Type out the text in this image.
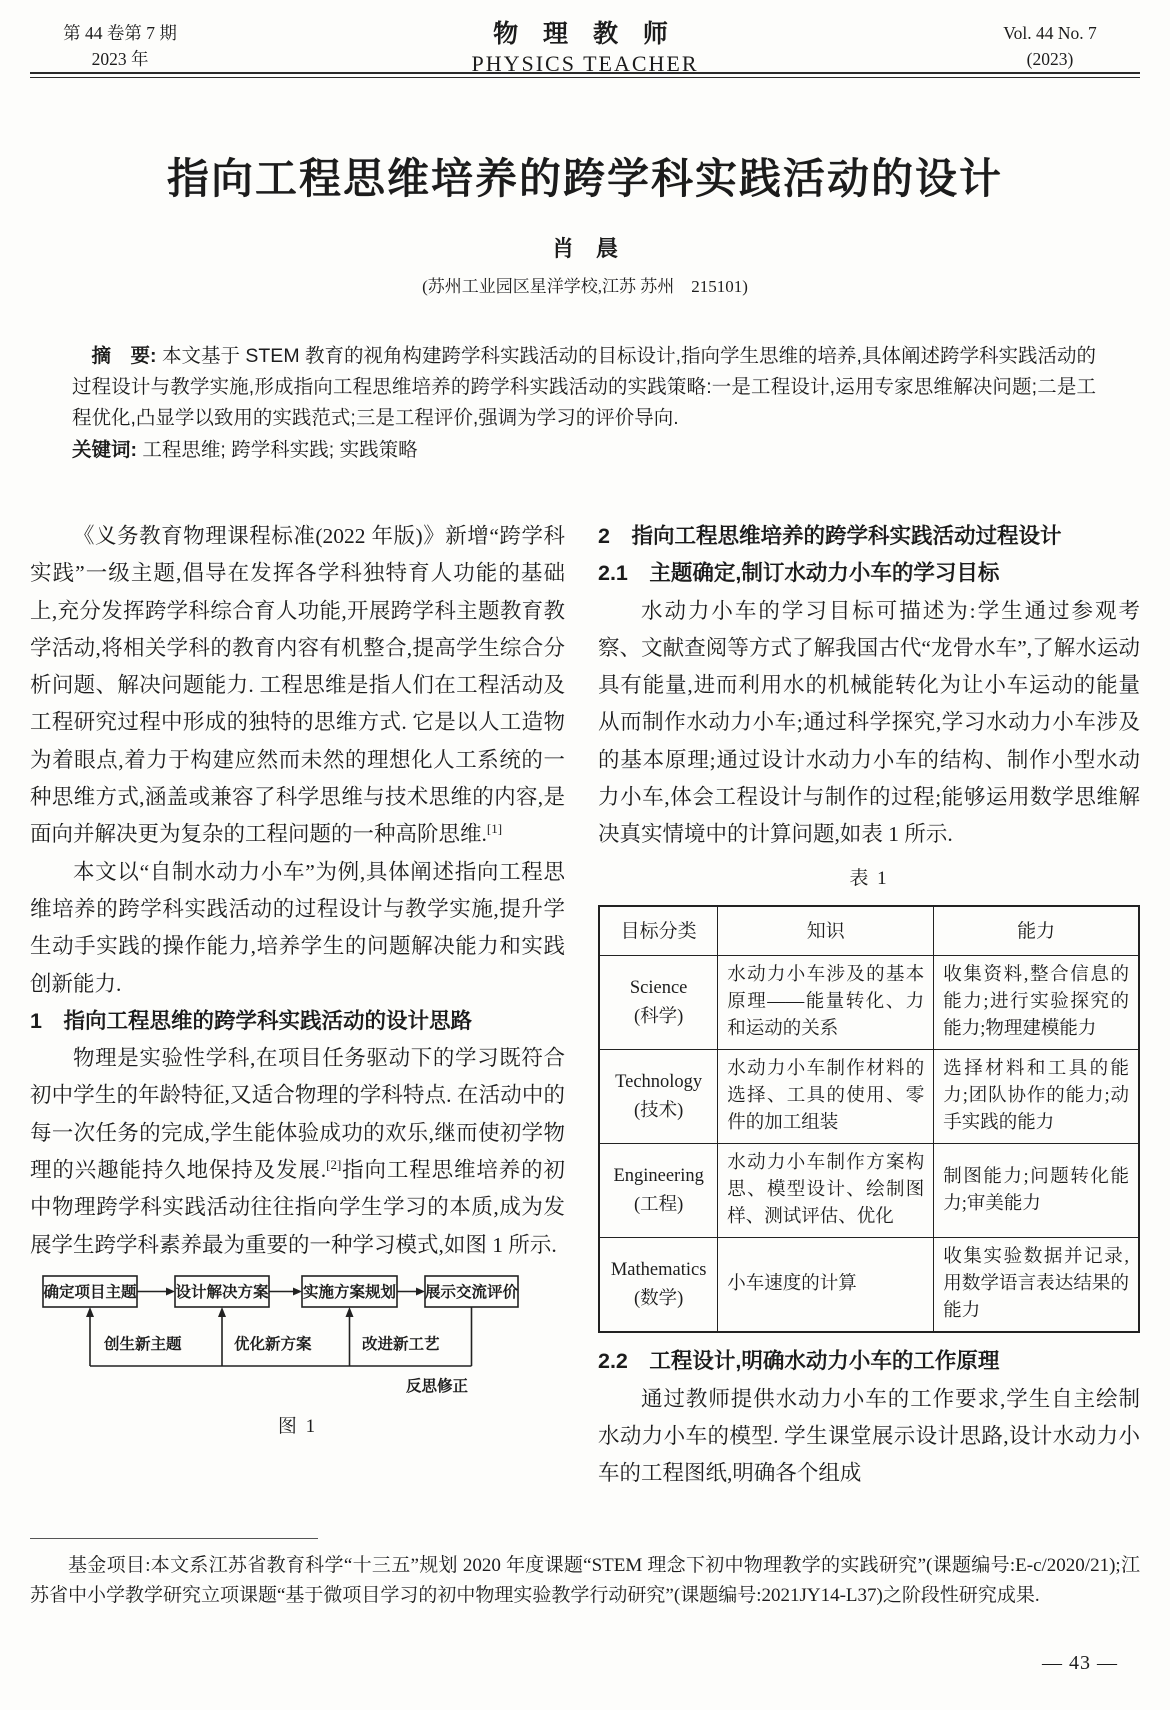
第 44 卷第 7 期
2023 年
物 理 教 师
PHYSICS TEACHER
Vol. 44 No. 7
(2023)
指向工程思维培养的跨学科实践活动的设计
肖　晨
(苏州工业园区星洋学校,江苏 苏州　215101)

摘　要: 本文基于 STEM 教育的视角构建跨学科实践活动的目标设计,指向学生思维的培养,具体阐述跨学科实践活动的过程设计与教学实施,形成指向工程思维培养的跨学科实践活动的实践策略:一是工程设计,运用专家思维解决问题;二是工程优化,凸显学以致用的实践范式;三是工程评价,强调为学习的评价导向.

关键词: 工程思维; 跨学科实践; 实践策略

《义务教育物理课程标准(2022 年版)》新增“跨学科实践”一级主题,倡导在发挥各学科独特育人功能的基础上,充分发挥跨学科综合育人功能,开展跨学科主题教育教学活动,将相关学科的教育内容有机整合,提高学生综合分析问题、解决问题能力. 工程思维是指人们在工程活动及工程研究过程中形成的独特的思维方式. 它是以人工造物为着眼点,着力于构建应然而未然的理想化人工系统的一种思维方式,涵盖或兼容了科学思维与技术思维的内容,是面向并解决更为复杂的工程问题的一种高阶思维.[1]

本文以“自制水动力小车”为例,具体阐述指向工程思维培养的跨学科实践活动的过程设计与教学实施,提升学生动手实践的操作能力,培养学生的问题解决能力和实践创新能力.

1　指向工程思维的跨学科实践活动的设计思路

物理是实验性学科,在项目任务驱动下的学习既符合初中学生的年龄特征,又适合物理的学科特点. 在活动中的每一次任务的完成,学生能体验成功的欢乐,继而使初学物理的兴趣能持久地保持及发展.[2]指向工程思维培养的初中物理跨学科实践活动往往指向学生学习的本质,成为发展学生跨学科素养最为重要的一种学习模式,如图 1 所示.

确定项目主题	设计解决方案 实施方案规划 展示交流评价
创生新主题	优化新方案	改进新工艺
反思修正
图 1

2　指向工程思维培养的跨学科实践活动过程设计

2.1　主题确定,制订水动力小车的学习目标

水动力小车的学习目标可描述为:学生通过参观考察、文献查阅等方式了解我国古代“龙骨水车”,了解水运动具有能量,进而利用水的机械能转化为让小车运动的能量从而制作水动力小车;通过科学探究,学习水动力小车涉及的基本原理;通过设计水动力小车的结构、制作小型水动力小车,体会工程设计与制作的过程;能够运用数学思维解决真实情境中的计算问题,如表 1 所示.

表 1
目标分类	知识	能力
Science
(科学)	水动力小车涉及的基本原理——能量转化、力和运动的关系	收集资料,整合信息的能力;进行实验探究的能力;物理建模能力
Technology
(技术)	水动力小车制作材料的选择、工具的使用、零件的加工组装	选择材料和工具的能力;团队协作的能力;动手实践的能力
Engineering
(工程)	水动力小车制作方案构思、模型设计、绘制图样、测试评估、优化	制图能力;问题转化能力;审美能力
Mathematics
(数学)	小车速度的计算	收集实验数据并记录,用数学语言表达结果的能力

2.2　工程设计,明确水动力小车的工作原理

通过教师提供水动力小车的工作要求,学生自主绘制水动力小车的模型. 学生课堂展示设计思路,设计水动力小车的工程图纸,明确各个组成

基金项目:本文系江苏省教育科学“十三五”规划 2020 年度课题“STEM 理念下初中物理教学的实践研究”(课题编号:E-c/2020/21);江苏省中小学教学研究立项课题“基于微项目学习的初中物理实验教学行动研究”(课题编号:2021JY14-L37)之阶段性研究成果.

— 43 —
